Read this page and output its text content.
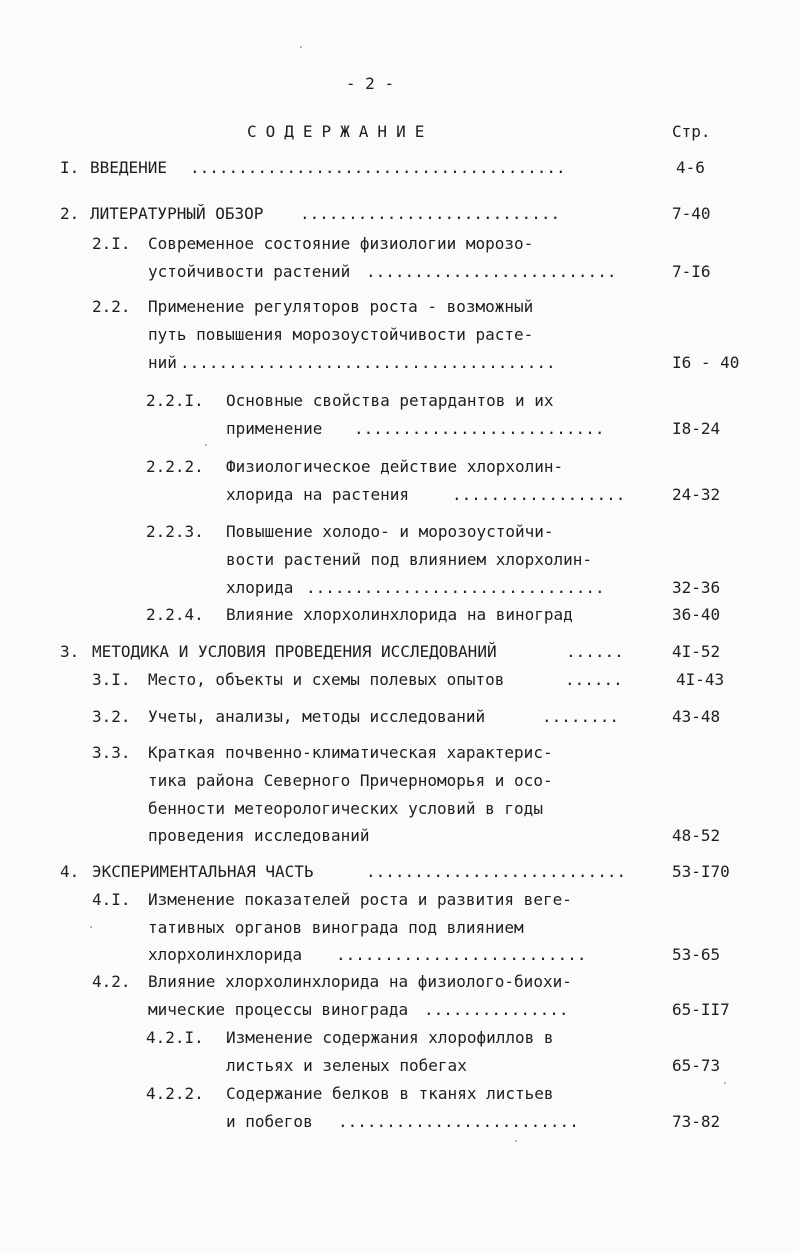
- 2 -
СОДЕРЖАНИЕ	Стр.
I. ВВЕДЕНИЕ .......................................	4-6
2. ЛИТЕРАТУРНЫЙ ОБЗОР ...........................	7-40
2.I. Современное состояние физиологии морозо-
устойчивости растений ..........................	7-I6
2.2. Применение регуляторов роста - возможный
путь повышения морозоустойчивости расте-
ний .......................................	I6 - 40
2.2.I. Основные свойства ретардантов и их
применение ..........................	I8-24
2.2.2. Физиологическое действие хлорхолин-
хлорида на растения	..................	24-32
2.2.3. Повышение холодо- и морозоустойчи-
вости растений под влиянием хлорхолин-
хлорида ...............................	32-36
2.2.4. Влияние хлорхолинхлорида на виноград	36-40
3. МЕТОДИКА И УСЛОВИЯ ПРОВЕДЕНИЯ ИССЛЕДОВАНИЙ	......	4I-52
3.I. Место, объекты и схемы полевых опытов	......	4I-43
3.2. Учеты, анализы, методы исследований	........	43-48
3.3. Краткая почвенно-климатическая характерис-
тика района Северного Причерноморья и осо-
бенности метеорологических условий в годы
проведения исследований	48-52
4. ЭКСПЕРИМЕНТАЛЬНАЯ ЧАСТЬ	...........................	53-I70
4.I. Изменение показателей роста и развития веге-
тативных органов винограда под влиянием
хлорхолинхлорида ..........................	53-65
4.2. Влияние хлорхолинхлорида на физиолого-биохи-
мические процессы винограда ...............	65-II7
4.2.I. Изменение содержания хлорофиллов в
листьях и зеленых побегах	65-73
4.2.2. Содержание белков в тканях листьев
и побегов .........................	73-82
